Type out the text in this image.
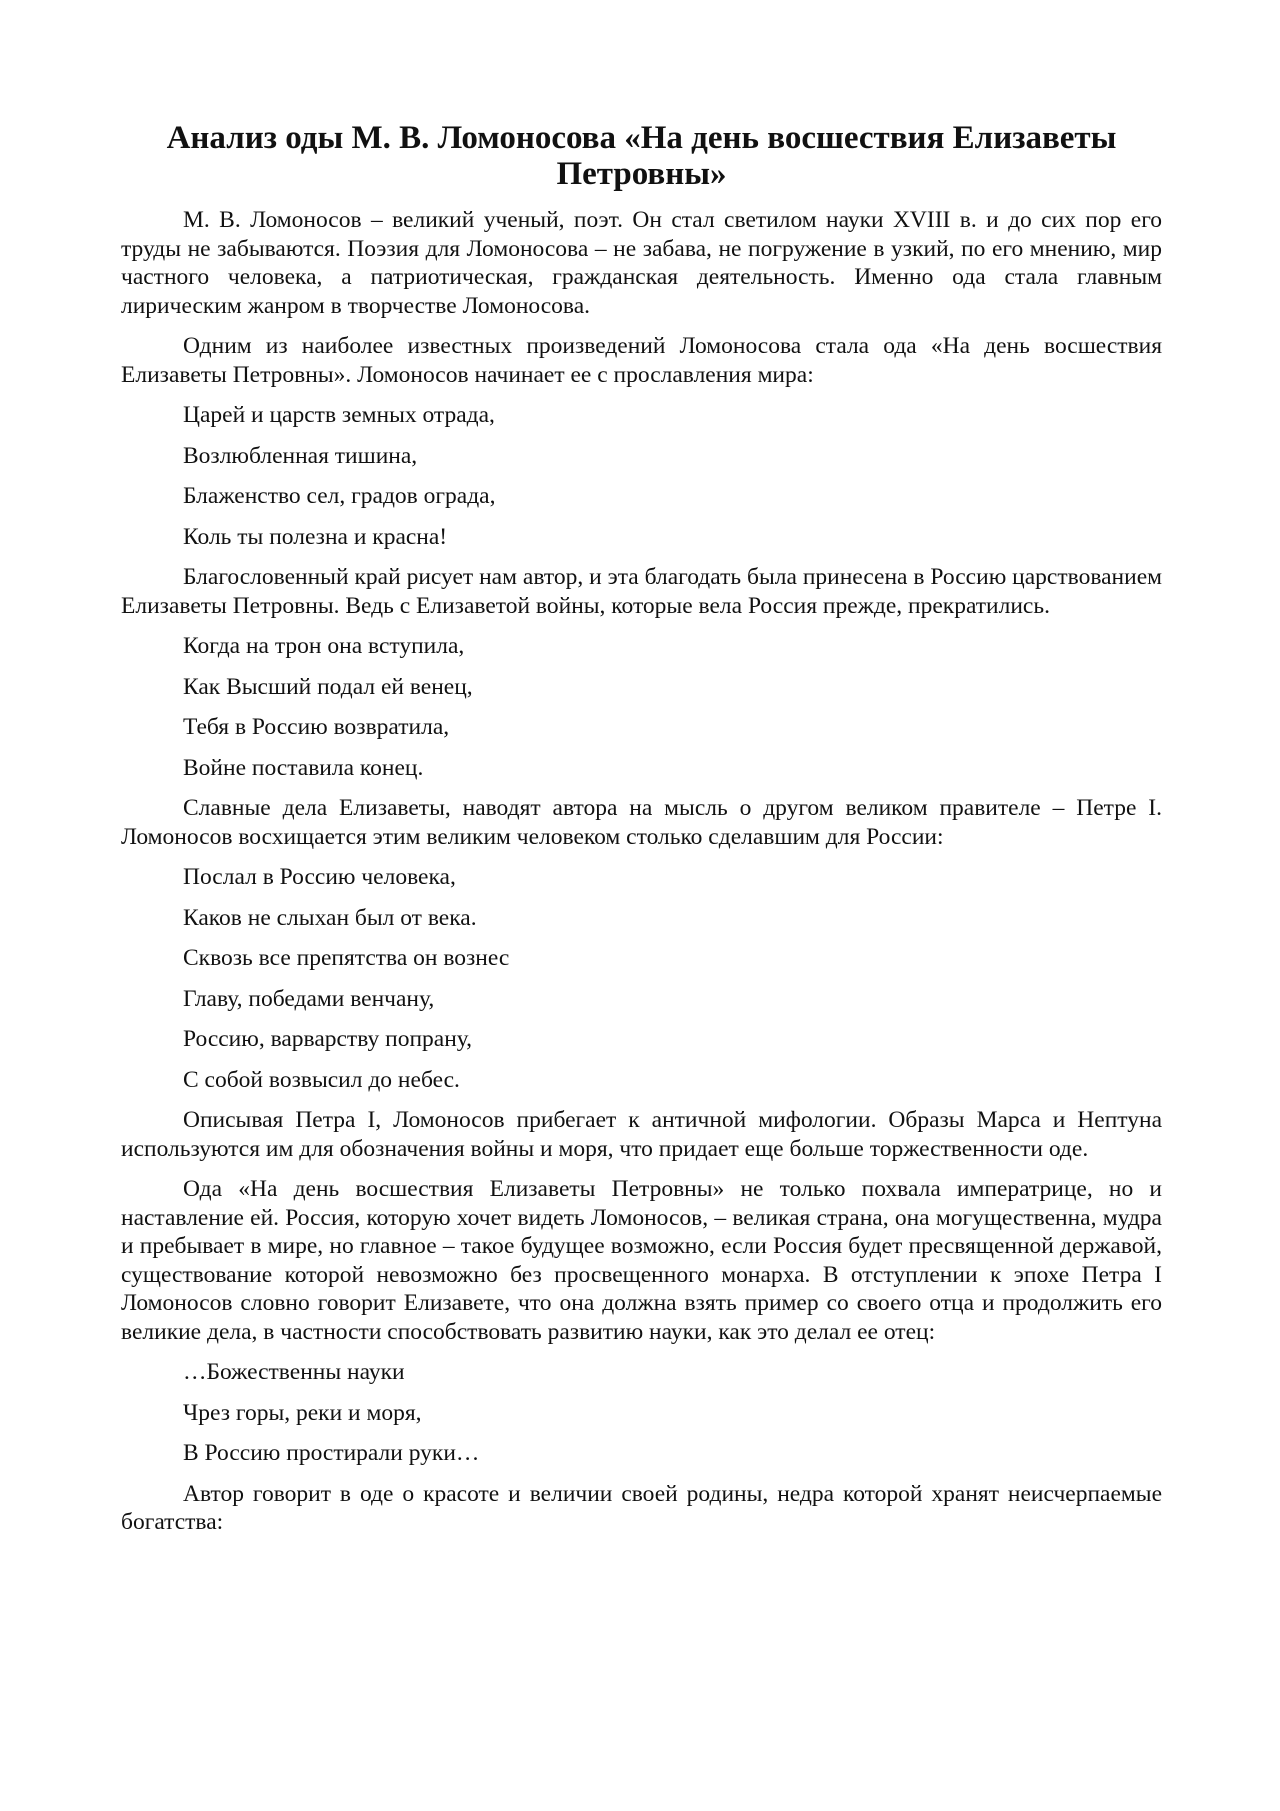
Анализ оды М. В. Ломоносова «На день восшествия Елизаветы Петровны»

М. В. Ломоносов – великий ученый, поэт. Он стал светилом науки XVIII в. и до сих пор его труды не забываются. Поэзия для Ломоносова – не забава, не погружение в узкий, по его мнению, мир частного человека, а патриотическая, гражданская деятельность. Именно ода стала главным лирическим жанром в творчестве Ломоносова.

Одним из наиболее известных произведений Ломоносова стала ода «На день восшествия Елизаветы Петровны». Ломоносов начинает ее с прославления мира:

Царей и царств земных отрада,

Возлюбленная тишина,

Блаженство сел, градов ограда,

Коль ты полезна и красна!

Благословенный край рисует нам автор, и эта благодать была принесена в Россию царствованием Елизаветы Петровны. Ведь с Елизаветой войны, которые вела Россия прежде, прекратились.

Когда на трон она вступила,

Как Высший подал ей венец,

Тебя в Россию возвратила,

Войне поставила конец.

Славные дела Елизаветы, наводят автора на мысль о другом великом правителе – Петре I. Ломоносов восхищается этим великим человеком столько сделавшим для России:

Послал в Россию человека,

Каков не слыхан был от века.

Сквозь все препятства он вознес

Главу, победами венчану,

Россию, варварству попрану,

С собой возвысил до небес.

Описывая Петра I, Ломоносов прибегает к античной мифологии. Образы Марса и Нептуна используются им для обозначения войны и моря, что придает еще больше торжественности оде.

Ода «На день восшествия Елизаветы Петровны» не только похвала императрице, но и наставление ей. Россия, которую хочет видеть Ломоносов, – великая страна, она могущественна, мудра и пребывает в мире, но главное – такое будущее возможно, если Россия будет пресвященной державой, существование которой невозможно без просвещенного монарха. В отступлении к эпохе Петра I Ломоносов словно говорит Елизавете, что она должна взять пример со своего отца и продолжить его великие дела, в частности способствовать развитию науки, как это делал ее отец:

…Божественны науки

Чрез горы, реки и моря,

В Россию простирали руки…

Автор говорит в оде о красоте и величии своей родины, недра которой хранят неисчерпаемые богатства:
